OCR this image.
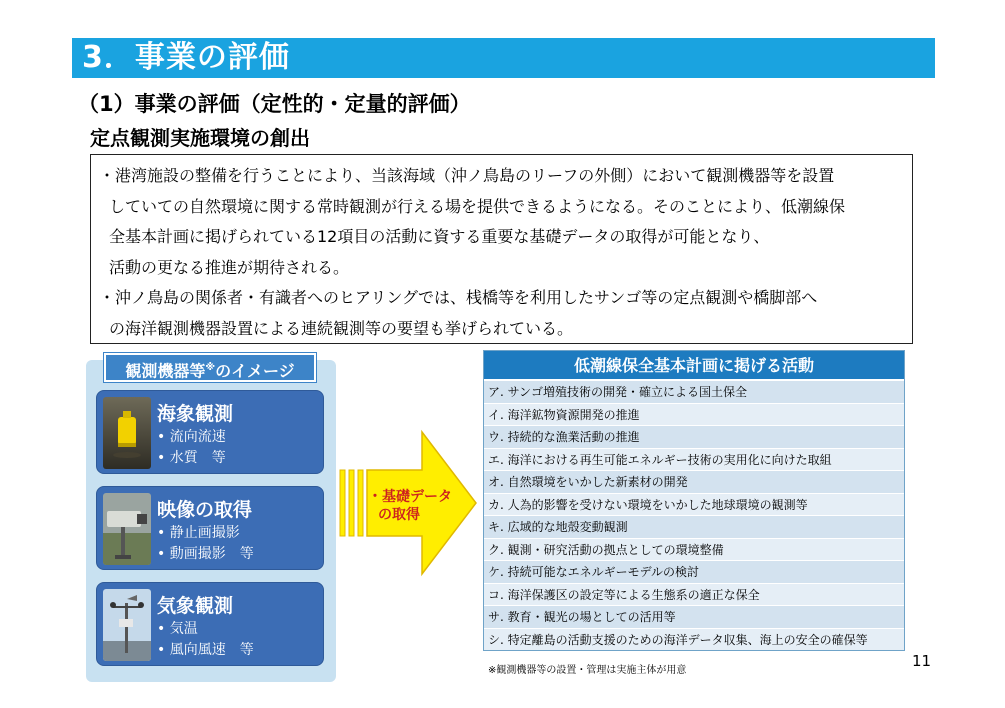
3．事業の評価
（1）事業の評価（定性的・定量的評価）
定点観測実施環境の創出

・港湾施設の整備を行うことにより、当該海域（沖ノ鳥島のリーフの外側）において観測機器等を設置
していての自然環境に関する常時観測が行える場を提供できるようになる。そのことにより、低潮線保
全基本計画に掲げられている12項目の活動に資する重要な基礎データの取得が可能となり、
活動の更なる推進が期待される。

・沖ノ鳥島の関係者・有識者へのヒアリングでは、桟橋等を利用したサンゴ等の定点観測や橋脚部へ
の海洋観測機器設置による連続観測等の要望も挙げられている。

観測機器等※のイメージ
海象観測
• 流向流速
• 水質　等
映像の取得
• 静止画撮影
• 動画撮影　等
気象観測
• 気温
• 風向風速　等
・基礎データ
の取得
低潮線保全基本計画に掲げる活動
ア. サンゴ増殖技術の開発・確立による国土保全
イ. 海洋鉱物資源開発の推進
ウ. 持続的な漁業活動の推進
エ. 海洋における再生可能エネルギー技術の実用化に向けた取組
オ. 自然環境をいかした新素材の開発
カ. 人為的影響を受けない環境をいかした地球環境の観測等
キ. 広域的な地殻変動観測
ク. 観測・研究活動の拠点としての環境整備
ケ. 持続可能なエネルギーモデルの検討
コ. 海洋保護区の設定等による生態系の適正な保全
サ. 教育・観光の場としての活用等
シ. 特定離島の活動支援のための海洋データ収集、海上の安全の確保等
※観測機器等の設置・管理は実施主体が用意
11
